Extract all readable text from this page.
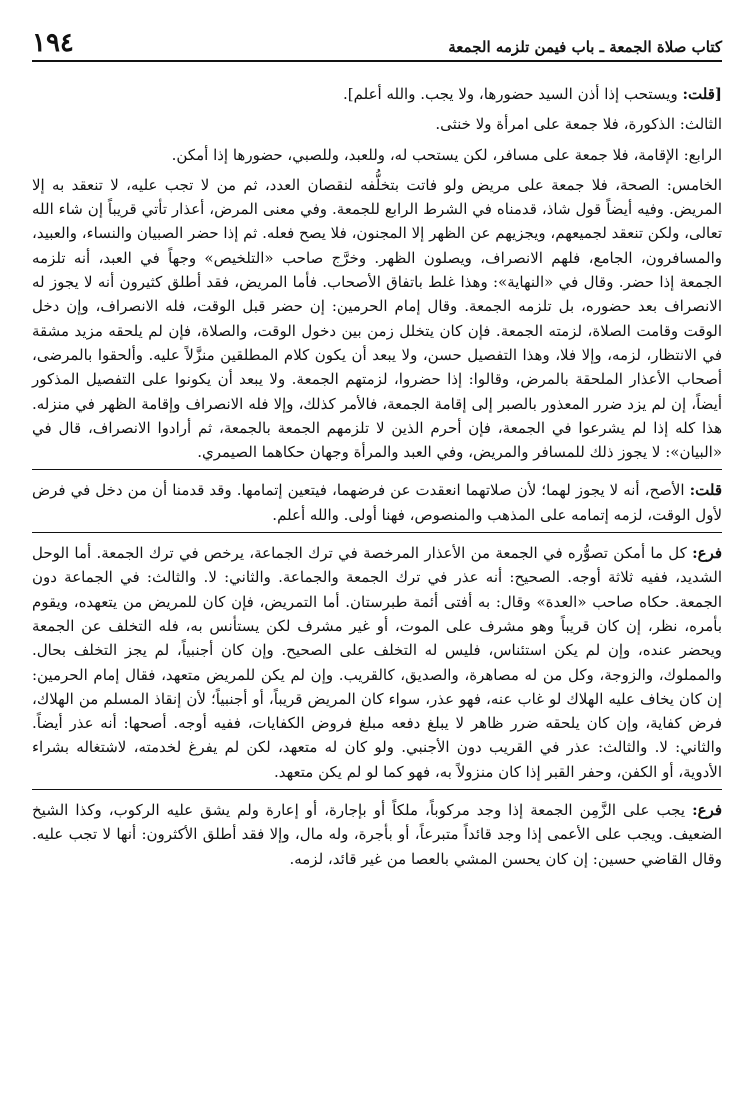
كتاب صلاة الجمعة ـ باب فيمن تلزمه الجمعة
١٩٤

[قلت: ويستحب إذا أذن السيد حضورها، ولا يجب. والله أعلم].

الثالث: الذكورة، فلا جمعة على امرأة ولا خنثى.

الرابع: الإقامة، فلا جمعة على مسافر، لكن يستحب له، وللعبد، وللصبي، حضورها إذا أمكن.

الخامس: الصحة، فلا جمعة على مريض ولو فاتت بتخلُّفه لنقصان العدد، ثم من لا تجب عليه، لا تنعقد به إلا المريض. وفيه أيضاً قول شاذ، قدمناه في الشرط الرابع للجمعة. وفي معنى المرض، أعذار تأتي قريباً إن شاء الله تعالى، ولكن تنعقد لجميعهم، ويجزيهم عن الظهر إلا المجنون، فلا يصح فعله. ثم إذا حضر الصبيان والنساء، والعبيد، والمسافرون، الجامع، فلهم الانصراف، ويصلون الظهر. وخرَّج صاحب «التلخيص» وجهاً في العبد، أنه تلزمه الجمعة إذا حضر. وقال في «النهاية»: وهذا غلط باتفاق الأصحاب. فأما المريض، فقد أطلق كثيرون أنه لا يجوز له الانصراف بعد حضوره، بل تلزمه الجمعة. وقال إمام الحرمين: إن حضر قبل الوقت، فله الانصراف، وإن دخل الوقت وقامت الصلاة، لزمته الجمعة. فإن كان يتخلل زمن بين دخول الوقت، والصلاة، فإن لم يلحقه مزيد مشقة في الانتظار، لزمه، وإلا فلا، وهذا التفصيل حسن، ولا يبعد أن يكون كلام المطلقين منزَّلاً عليه. وألحقوا بالمرضى، أصحاب الأعذار الملحقة بالمرض، وقالوا: إذا حضروا، لزمتهم الجمعة. ولا يبعد أن يكونوا على التفصيل المذكور أيضاً، إن لم يزد ضرر المعذور بالصبر إلى إقامة الجمعة، فالأمر كذلك، وإلا فله الانصراف وإقامة الظهر في منزله. هذا كله إذا لم يشرعوا في الجمعة، فإن أحرم الذين لا تلزمهم الجمعة بالجمعة، ثم أرادوا الانصراف، قال في «البيان»: لا يجوز ذلك للمسافر والمريض، وفي العبد والمرأة وجهان حكاهما الصيمري.

قلت: الأصح، أنه لا يجوز لهما؛ لأن صلاتهما انعقدت عن فرضهما، فيتعين إتمامها. وقد قدمنا أن من دخل في فرض لأول الوقت، لزمه إتمامه على المذهب والمنصوص، فهنا أولى. والله أعلم.

فرع: كل ما أمكن تصوُّره في الجمعة من الأعذار المرخصة في ترك الجماعة، يرخص في ترك الجمعة. أما الوحل الشديد، ففيه ثلاثة أوجه. الصحيح: أنه عذر في ترك الجمعة والجماعة. والثاني: لا. والثالث: في الجماعة دون الجمعة. حكاه صاحب «العدة» وقال: به أفتى أئمة طبرستان. أما التمريض، فإن كان للمريض من يتعهده، ويقوم بأمره، نظر، إن كان قريباً وهو مشرف على الموت، أو غير مشرف لكن يستأنس به، فله التخلف عن الجمعة ويحضر عنده، وإن لم يكن استئناس، فليس له التخلف على الصحيح. وإن كان أجنبياً، لم يجز التخلف بحال. والمملوك، والزوجة، وكل من له مصاهرة، والصديق، كالقريب. وإن لم يكن للمريض متعهد، فقال إمام الحرمين: إن كان يخاف عليه الهلاك لو غاب عنه، فهو عذر، سواء كان المريض قريباً، أو أجنبياً؛ لأن إنقاذ المسلم من الهلاك، فرض كفاية، وإن كان يلحقه ضرر ظاهر لا يبلغ دفعه مبلغ فروض الكفايات، ففيه أوجه. أصحها: أنه عذر أيضاً. والثاني: لا. والثالث: عذر في القريب دون الأجنبي. ولو كان له متعهد، لكن لم يفرغ لخدمته، لاشتغاله بشراء الأدوية، أو الكفن، وحفر القبر إذا كان منزولاً به، فهو كما لو لم يكن متعهد.

فرع: يجب على الزَّمِن الجمعة إذا وجد مركوباً، ملكاً أو بإجارة، أو إعارة ولم يشق عليه الركوب، وكذا الشيخ الضعيف. ويجب على الأعمى إذا وجد قائداً متبرعاً، أو بأجرة، وله مال، وإلا فقد أطلق الأكثرون: أنها لا تجب عليه. وقال القاضي حسين: إن كان يحسن المشي بالعصا من غير قائد، لزمه.
